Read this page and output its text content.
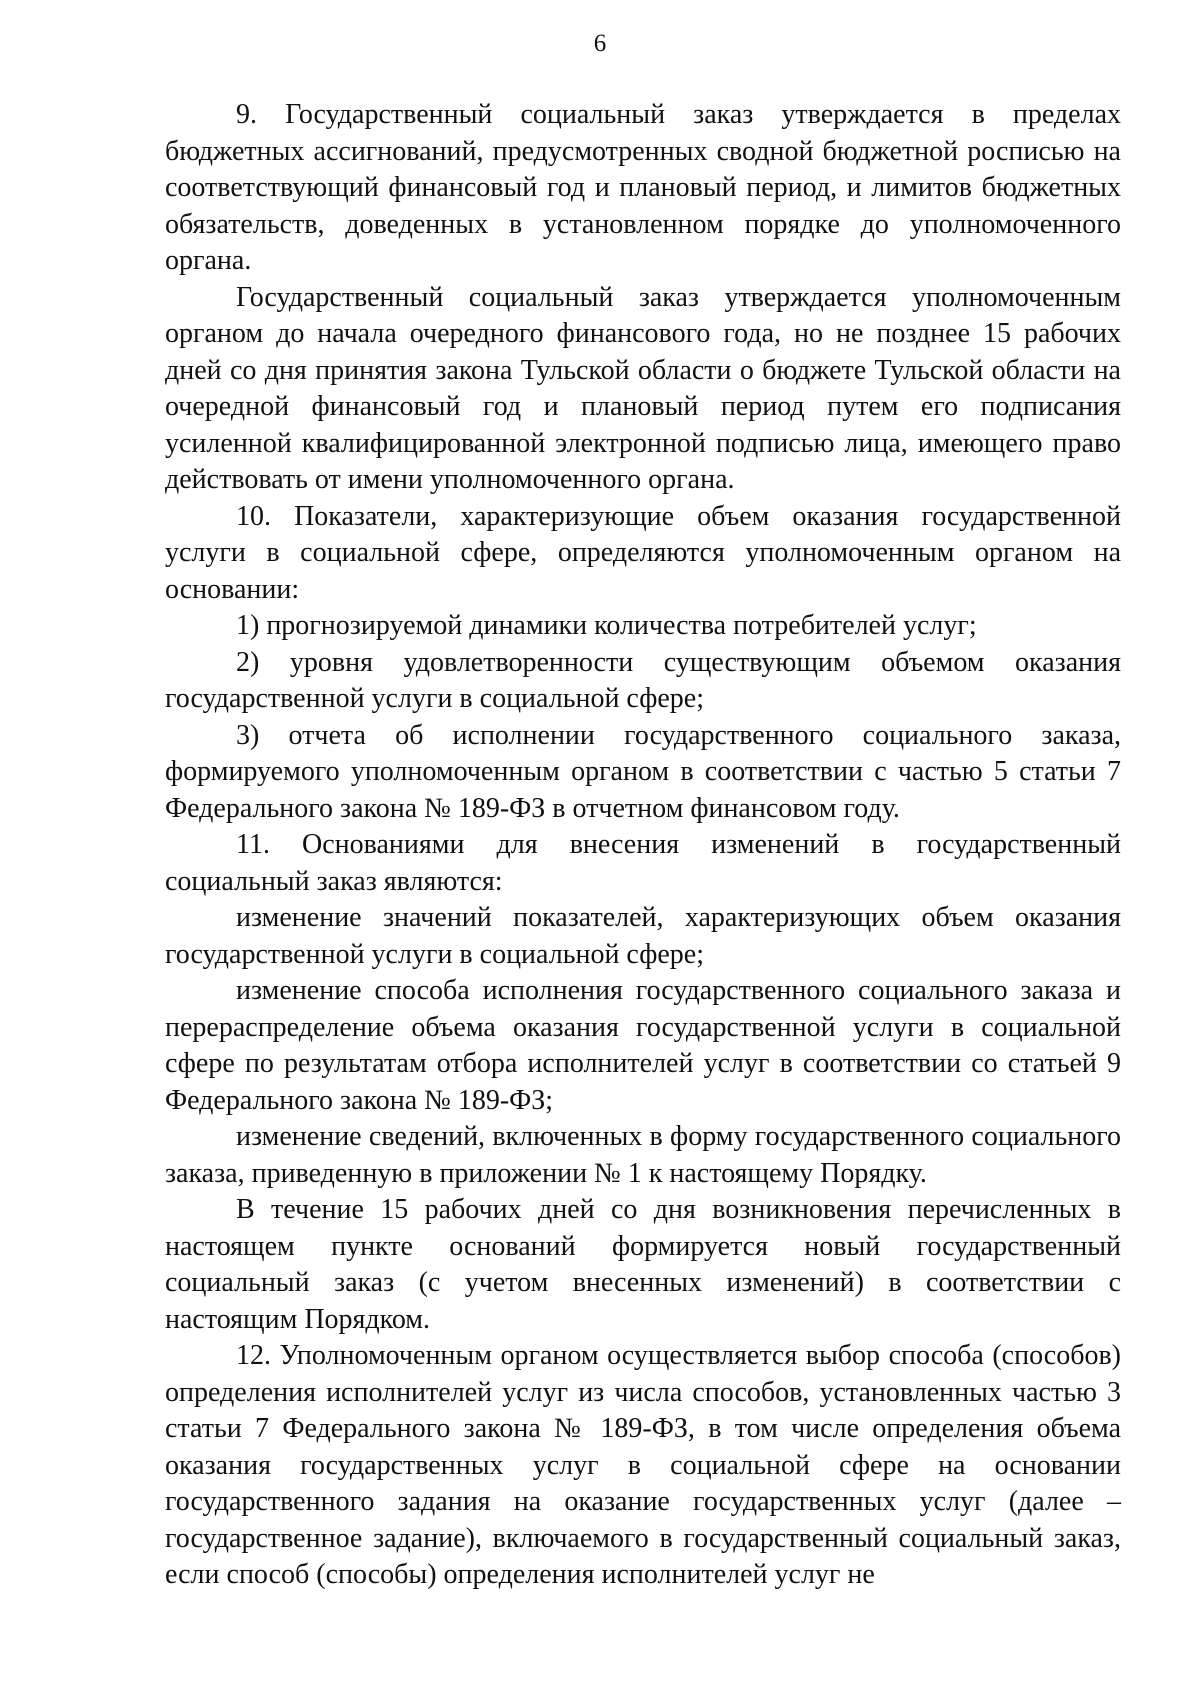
6

9. Государственный социальный заказ утверждается в пределах бюджетных ассигнований, предусмотренных сводной бюджетной росписью на соответствующий финансовый год и плановый период, и лимитов бюджетных обязательств, доведенных в установленном порядке до уполномоченного органа.

Государственный социальный заказ утверждается уполномоченным органом до начала очередного финансового года, но не позднее 15 рабочих дней со дня принятия закона Тульской области о бюджете Тульской области на очередной финансовый год и плановый период путем его подписания усиленной квалифицированной электронной подписью лица, имеющего право действовать от имени уполномоченного органа.

10. Показатели, характеризующие объем оказания государственной услуги в социальной сфере, определяются уполномоченным органом на основании:

1) прогнозируемой динамики количества потребителей услуг;

2) уровня удовлетворенности существующим объемом оказания государственной услуги в социальной сфере;

3) отчета об исполнении государственного социального заказа, формируемого уполномоченным органом в соответствии с частью 5 статьи 7 Федерального закона № 189-ФЗ в отчетном финансовом году.

11. Основаниями для внесения изменений в государственный социальный заказ являются:

изменение значений показателей, характеризующих объем оказания государственной услуги в социальной сфере;

изменение способа исполнения государственного социального заказа и перераспределение объема оказания государственной услуги в социальной сфере по результатам отбора исполнителей услуг в соответствии со статьей 9 Федерального закона № 189-ФЗ;

изменение сведений, включенных в форму государственного социального заказа, приведенную в приложении № 1 к настоящему Порядку.

В течение 15 рабочих дней со дня возникновения перечисленных в настоящем пункте оснований формируется новый государственный социальный заказ (с учетом внесенных изменений) в соответствии с настоящим Порядком.

12. Уполномоченным органом осуществляется выбор способа (способов) определения исполнителей услуг из числа способов, установленных частью 3 статьи 7 Федерального закона № 189-ФЗ, в том числе определения объема оказания государственных услуг в социальной сфере на основании государственного задания на оказание государственных услуг (далее – государственное задание), включаемого в государственный социальный заказ, если способ (способы) определения исполнителей услуг не
